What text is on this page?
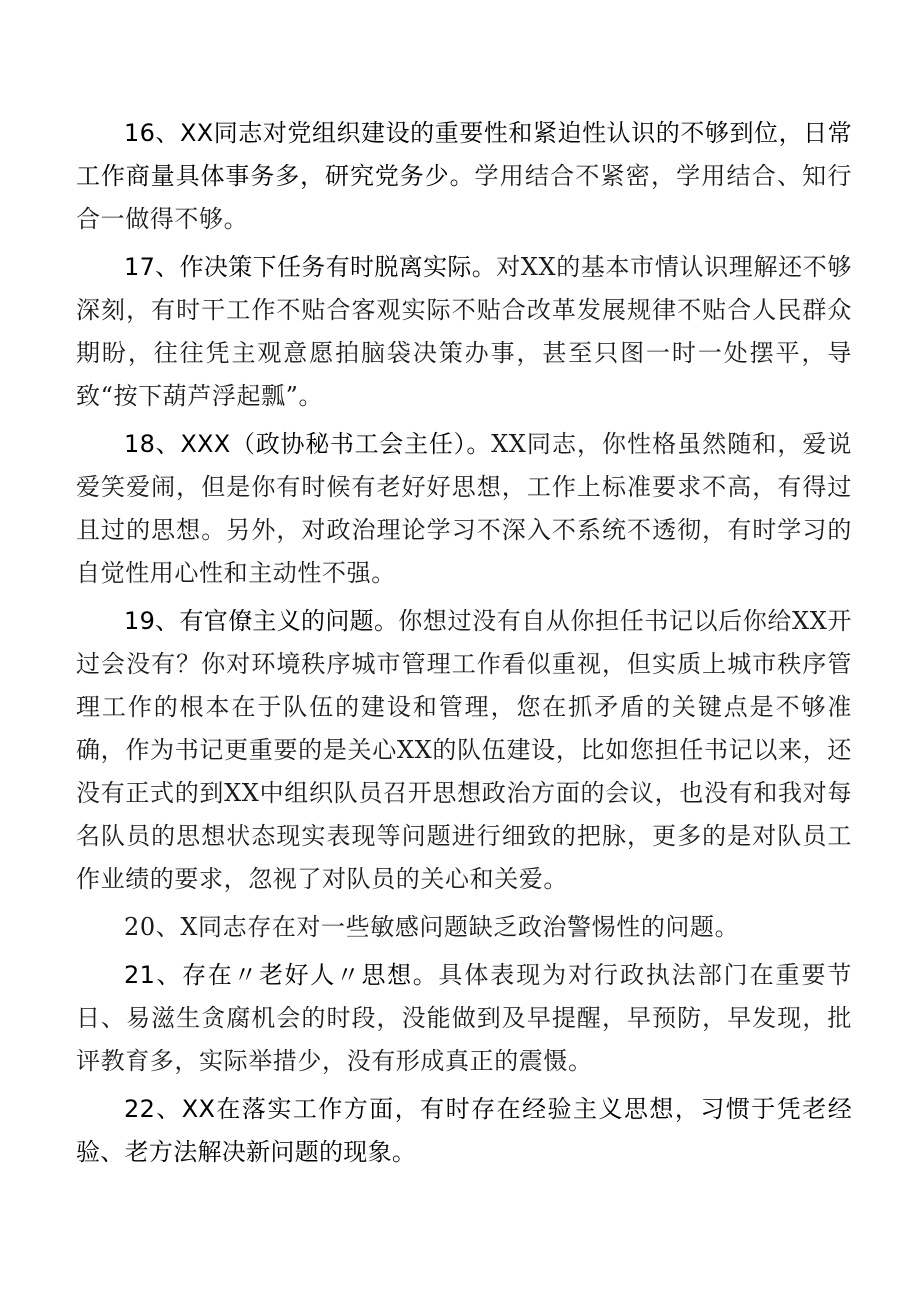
16、XX同志对党组织建设的重要性和紧迫性认识的不够到位，日常工作商量具体事务多，研究党务少。学用结合不紧密，学用结合、知行合一做得不够。

17、作决策下任务有时脱离实际。对XX的基本市情认识理解还不够深刻，有时干工作不贴合客观实际不贴合改革发展规律不贴合人民群众期盼，往往凭主观意愿拍脑袋决策办事，甚至只图一时一处摆平，导致“按下葫芦浮起瓢”。

18、XXX（政协秘书工会主任）。XX同志，你性格虽然随和，爱说爱笑爱闹，但是你有时候有老好好思想，工作上标准要求不高，有得过且过的思想。另外，对政治理论学习不深入不系统不透彻，有时学习的自觉性用心性和主动性不强。

19、有官僚主义的问题。你想过没有自从你担任书记以后你给XX开过会没有？你对环境秩序城市管理工作看似重视，但实质上城市秩序管理工作的根本在于队伍的建设和管理，您在抓矛盾的关键点是不够准确，作为书记更重要的是关心XX的队伍建设，比如您担任书记以来，还没有正式的到XX中组织队员召开思想政治方面的会议，也没有和我对每名队员的思想状态现实表现等问题进行细致的把脉，更多的是对队员工作业绩的要求，忽视了对队员的关心和关爱。

20、X同志存在对一些敏感问题缺乏政治警惕性的问题。

21、存在〃老好人〃思想。具体表现为对行政执法部门在重要节日、易滋生贪腐机会的时段，没能做到及早提醒，早预防，早发现，批评教育多，实际举措少，没有形成真正的震慑。

22、XX在落实工作方面，有时存在经验主义思想，习惯于凭老经验、老方法解决新问题的现象。
